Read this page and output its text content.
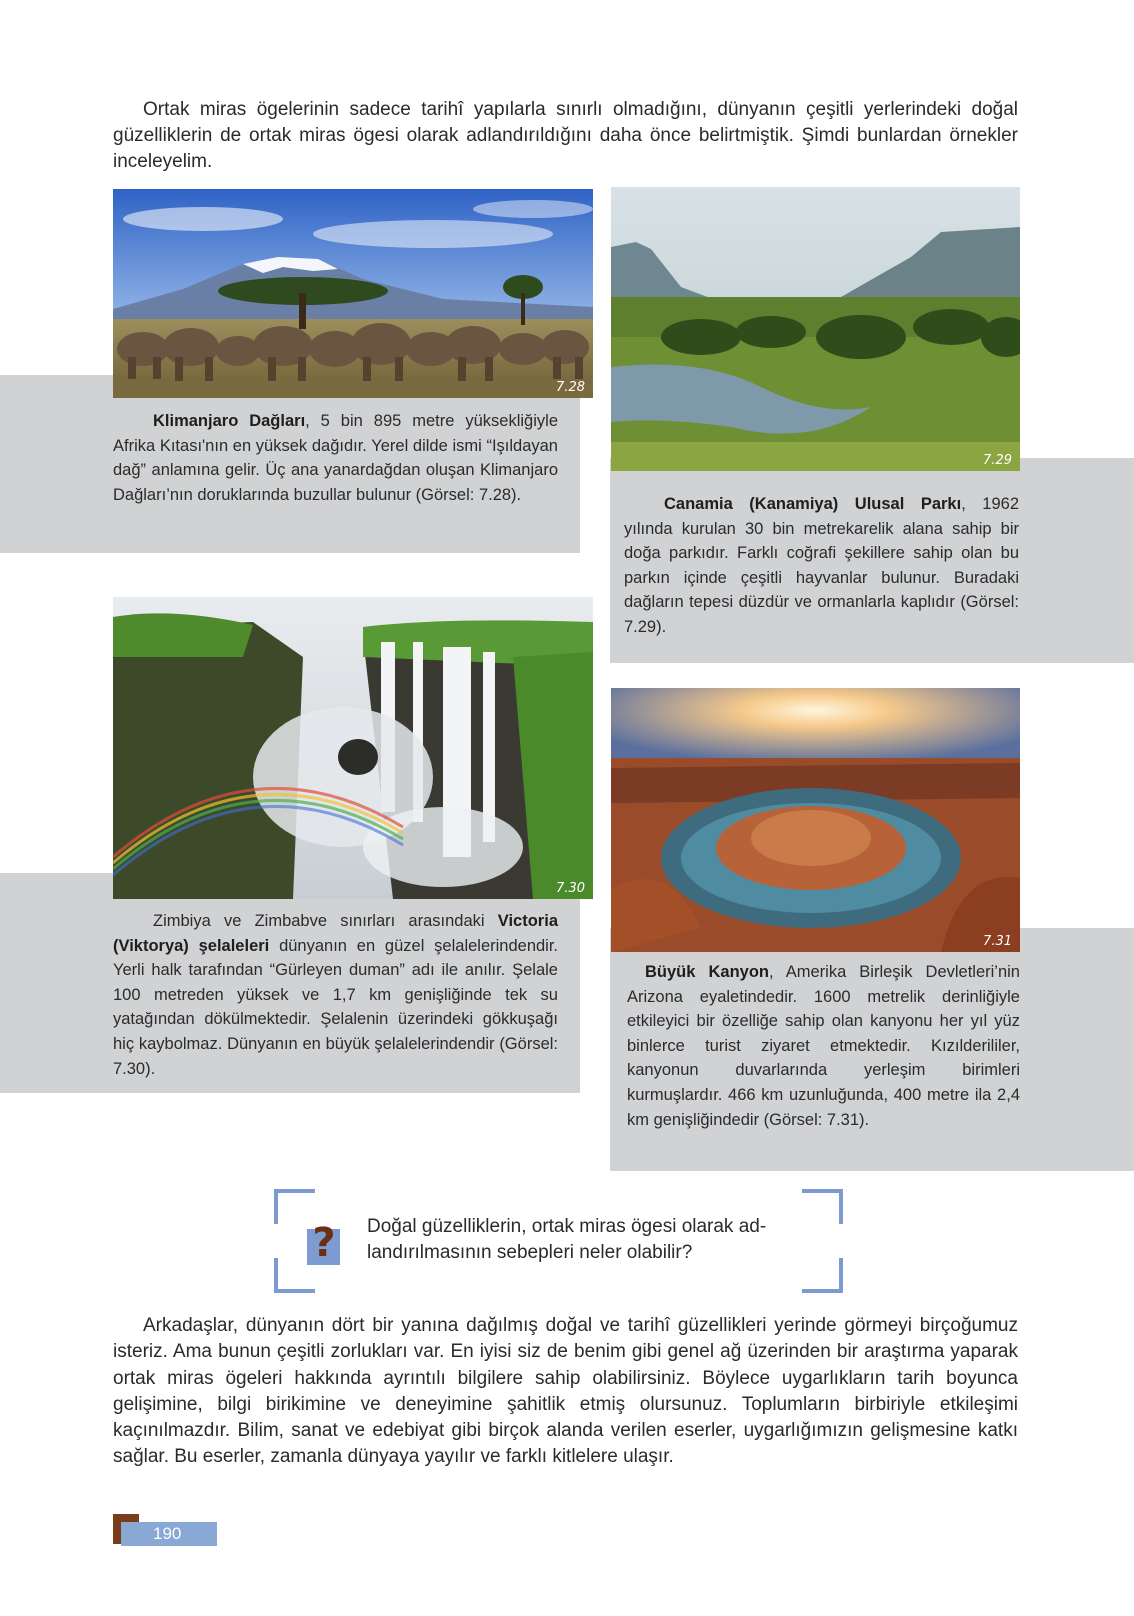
Ortak miras ögelerinin sadece tarihî yapılarla sınırlı olmadığını, dünyanın çeşitli yerlerindeki doğal güzelliklerin de ortak miras ögesi olarak adlandırıldığını daha önce belirtmiştik. Şimdi bunlardan örnekler inceleyelim.

7.28

Klimanjaro Dağları, 5 bin 895 metre yüksekliğiyle Afrika Kıtası'nın en yüksek dağıdır. Yerel dilde ismi “Işıldayan dağ” anlamına gelir. Üç ana yanardağdan oluşan Klimanjaro Dağları’nın doruklarında buzullar bulunur (Görsel: 7.28).

7.29

Canamia (Kanamiya) Ulusal Parkı, 1962 yılında kurulan 30 bin metrekarelik alana sahip bir doğa parkıdır. Farklı coğrafi şekillere sahip olan bu parkın içinde çeşitli hayvanlar bulunur. Buradaki dağların tepesi düzdür ve ormanlarla kaplıdır (Görsel: 7.29).

7.30

Zimbiya ve Zimbabve sınırları arasındaki Victoria (Viktorya) şelaleleri dünyanın en güzel şelalelerindendir. Yerli halk tarafından “Gürleyen duman” adı ile anılır. Şelale 100 metreden yüksek ve 1,7 km genişliğinde tek su yatağından dökülmektedir. Şelalenin üzerindeki gökkuşağı hiç kaybolmaz. Dünyanın en büyük şelalelerindendir (Görsel: 7.30).

7.31

Büyük Kanyon, Amerika Birleşik Devletleri’nin Arizona eyaletindedir. 1600 metrelik derinliğiyle etkileyici bir özelliğe sahip olan kanyonu her yıl yüz binlerce turist ziyaret etmektedir. Kızılderililer, kanyonun duvarlarında yerleşim birimleri kurmuşlardır. 466 km uzunluğunda, 400 metre ila 2,4 km genişliğindedir (Görsel: 7.31).

? Doğal güzelliklerin, ortak miras ögesi olarak adlandırılmasının sebepleri neler olabilir?

Arkadaşlar, dünyanın dört bir yanına dağılmış doğal ve tarihî güzellikleri yerinde görmeyi birçoğumuz isteriz. Ama bunun çeşitli zorlukları var. En iyisi siz de benim gibi genel ağ üzerinden bir araştırma yaparak ortak miras ögeleri hakkında ayrıntılı bilgilere sahip olabilirsiniz. Böylece uygarlıkların tarih boyunca gelişimine, bilgi birikimine ve deneyimine şahitlik etmiş olursunuz. Toplumların birbiriyle etkileşimi kaçınılmazdır. Bilim, sanat ve edebiyat gibi birçok alanda verilen eserler, uygarlığımızın gelişmesine katkı sağlar. Bu eserler, zamanla dünyaya yayılır ve farklı kitlelere ulaşır.

190
